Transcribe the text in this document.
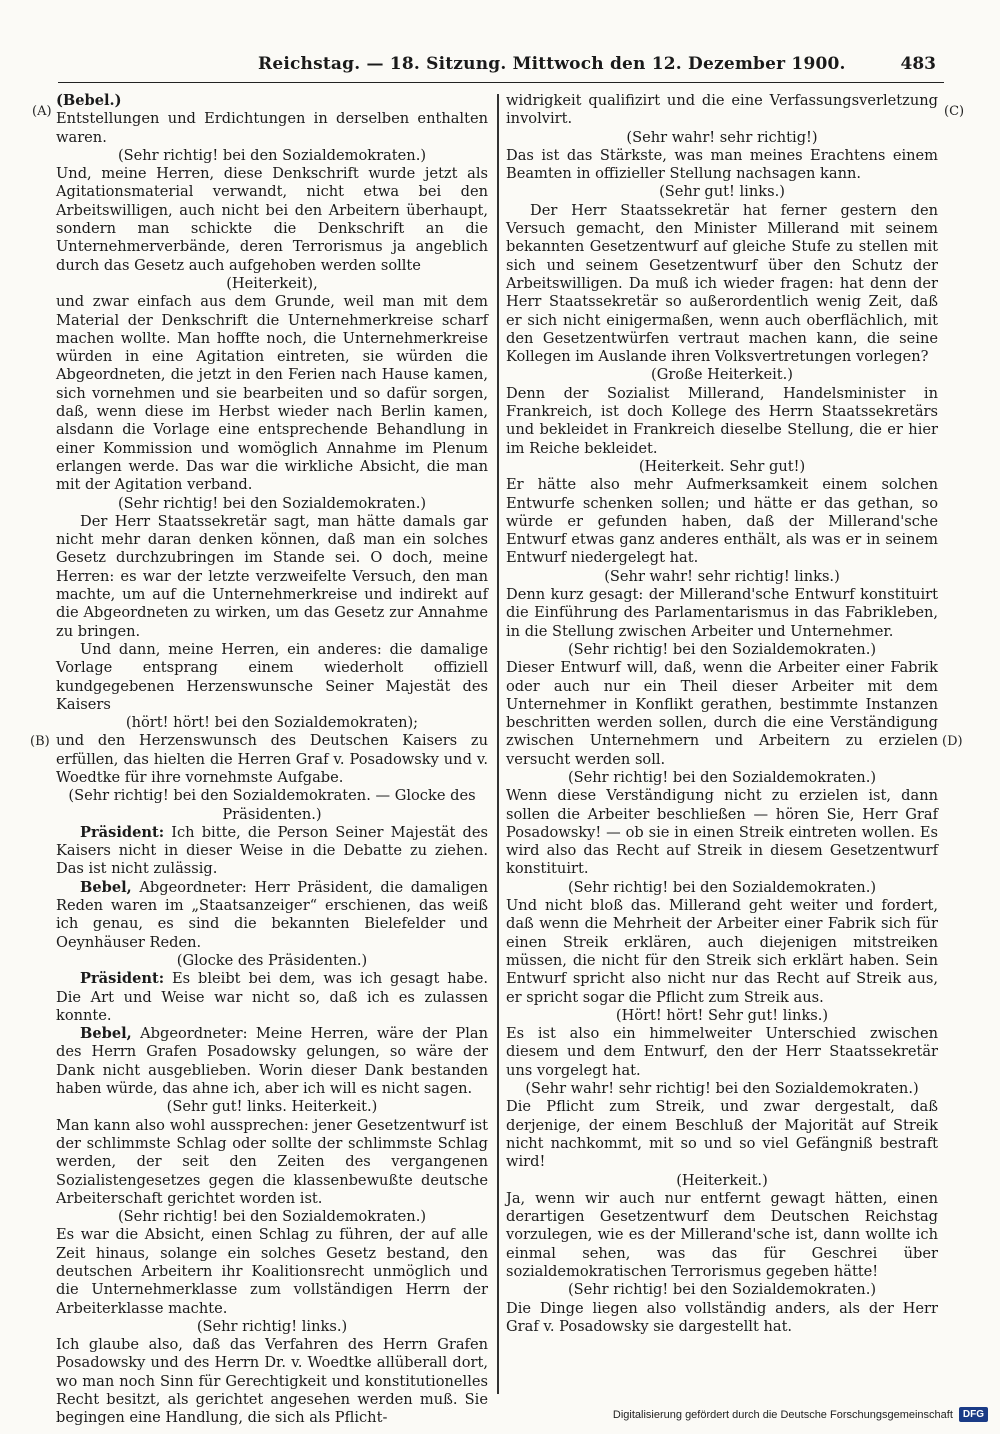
Reichstag. — 18. Sitzung. Mittwoch den 12. Dezember 1900.	483
(A)
(B)
(C)
(D)

(Bebel.)

Entstellungen und Erdichtungen in derselben enthalten waren.

(Sehr richtig! bei den Sozialdemokraten.)

Und, meine Herren, diese Denkschrift wurde jetzt als Agitationsmaterial verwandt, nicht etwa bei den Arbeitswilligen, auch nicht bei den Arbeitern überhaupt, sondern man schickte die Denkschrift an die Unternehmerverbände, deren Terrorismus ja angeblich durch das Gesetz auch aufgehoben werden sollte

(Heiterkeit),

und zwar einfach aus dem Grunde, weil man mit dem Material der Denkschrift die Unternehmerkreise scharf machen wollte. Man hoffte noch, die Unternehmerkreise würden in eine Agitation eintreten, sie würden die Abgeordneten, die jetzt in den Ferien nach Hause kamen, sich vornehmen und sie bearbeiten und so dafür sorgen, daß, wenn diese im Herbst wieder nach Berlin kamen, alsdann die Vorlage eine entsprechende Behandlung in einer Kommission und womöglich Annahme im Plenum erlangen werde. Das war die wirkliche Absicht, die man mit der Agitation verband.

(Sehr richtig! bei den Sozialdemokraten.)

Der Herr Staatssekretär sagt, man hätte damals gar nicht mehr daran denken können, daß man ein solches Gesetz durchzubringen im Stande sei. O doch, meine Herren: es war der letzte verzweifelte Versuch, den man machte, um auf die Unternehmerkreise und indirekt auf die Abgeordneten zu wirken, um das Gesetz zur Annahme zu bringen.

Und dann, meine Herren, ein anderes: die damalige Vorlage entsprang einem wiederholt offiziell kundgegebenen Herzenswunsche Seiner Majestät des Kaisers

(hört! hört! bei den Sozialdemokraten);

und den Herzenswunsch des Deutschen Kaisers zu erfüllen, das hielten die Herren Graf v. Posadowsky und v. Woedtke für ihre vornehmste Aufgabe.

(Sehr richtig! bei den Sozialdemokraten. — Glocke des Präsidenten.)

Präsident: Ich bitte, die Person Seiner Majestät des Kaisers nicht in dieser Weise in die Debatte zu ziehen. Das ist nicht zulässig.

Bebel, Abgeordneter: Herr Präsident, die damaligen Reden waren im „Staatsanzeiger“ erschienen, das weiß ich genau, es sind die bekannten Bielefelder und Oeynhäuser Reden.

(Glocke des Präsidenten.)

Präsident: Es bleibt bei dem, was ich gesagt habe. Die Art und Weise war nicht so, daß ich es zulassen konnte.

Bebel, Abgeordneter: Meine Herren, wäre der Plan des Herrn Grafen Posadowsky gelungen, so wäre der Dank nicht ausgeblieben. Worin dieser Dank bestanden haben würde, das ahne ich, aber ich will es nicht sagen.

(Sehr gut! links. Heiterkeit.)

Man kann also wohl aussprechen: jener Gesetzentwurf ist der schlimmste Schlag oder sollte der schlimmste Schlag werden, der seit den Zeiten des vergangenen Sozialistengesetzes gegen die klassenbewußte deutsche Arbeiterschaft gerichtet worden ist.

(Sehr richtig! bei den Sozialdemokraten.)

Es war die Absicht, einen Schlag zu führen, der auf alle Zeit hinaus, solange ein solches Gesetz bestand, den deutschen Arbeitern ihr Koalitionsrecht unmöglich und die Unternehmerklasse zum vollständigen Herrn der Arbeiterklasse machte.

(Sehr richtig! links.)

Ich glaube also, daß das Verfahren des Herrn Grafen Posadowsky und des Herrn Dr. v. Woedtke allüberall dort, wo man noch Sinn für Gerechtigkeit und konstitutionelles Recht besitzt, als gerichtet angesehen werden muß. Sie begingen eine Handlung, die sich als Pflicht-

widrigkeit qualifizirt und die eine Verfassungsverletzung involvirt.

(Sehr wahr! sehr richtig!)

Das ist das Stärkste, was man meines Erachtens einem Beamten in offizieller Stellung nachsagen kann.

(Sehr gut! links.)

Der Herr Staatssekretär hat ferner gestern den Versuch gemacht, den Minister Millerand mit seinem bekannten Gesetzentwurf auf gleiche Stufe zu stellen mit sich und seinem Gesetzentwurf über den Schutz der Arbeitswilligen. Da muß ich wieder fragen: hat denn der Herr Staatssekretär so außerordentlich wenig Zeit, daß er sich nicht einigermaßen, wenn auch oberflächlich, mit den Gesetzentwürfen vertraut machen kann, die seine Kollegen im Auslande ihren Volksvertretungen vorlegen?

(Große Heiterkeit.)

Denn der Sozialist Millerand, Handelsminister in Frankreich, ist doch Kollege des Herrn Staatssekretärs und bekleidet in Frankreich dieselbe Stellung, die er hier im Reiche bekleidet.

(Heiterkeit. Sehr gut!)

Er hätte also mehr Aufmerksamkeit einem solchen Entwurfe schenken sollen; und hätte er das gethan, so würde er gefunden haben, daß der Millerand'sche Entwurf etwas ganz anderes enthält, als was er in seinem Entwurf niedergelegt hat.

(Sehr wahr! sehr richtig! links.)

Denn kurz gesagt: der Millerand'sche Entwurf konstituirt die Einführung des Parlamentarismus in das Fabrikleben, in die Stellung zwischen Arbeiter und Unternehmer.

(Sehr richtig! bei den Sozialdemokraten.)

Dieser Entwurf will, daß, wenn die Arbeiter einer Fabrik oder auch nur ein Theil dieser Arbeiter mit dem Unternehmer in Konflikt gerathen, bestimmte Instanzen beschritten werden sollen, durch die eine Verständigung zwischen Unternehmern und Arbeitern zu erzielen versucht werden soll.

(Sehr richtig! bei den Sozialdemokraten.)

Wenn diese Verständigung nicht zu erzielen ist, dann sollen die Arbeiter beschließen — hören Sie, Herr Graf Posadowsky! — ob sie in einen Streik eintreten wollen. Es wird also das Recht auf Streik in diesem Gesetzentwurf konstituirt.

(Sehr richtig! bei den Sozialdemokraten.)

Und nicht bloß das. Millerand geht weiter und fordert, daß wenn die Mehrheit der Arbeiter einer Fabrik sich für einen Streik erklären, auch diejenigen mitstreiken müssen, die nicht für den Streik sich erklärt haben. Sein Entwurf spricht also nicht nur das Recht auf Streik aus, er spricht sogar die Pflicht zum Streik aus.

(Hört! hört! Sehr gut! links.)

Es ist also ein himmelweiter Unterschied zwischen diesem und dem Entwurf, den der Herr Staatssekretär uns vorgelegt hat.

(Sehr wahr! sehr richtig! bei den Sozialdemokraten.)

Die Pflicht zum Streik, und zwar dergestalt, daß derjenige, der einem Beschluß der Majorität auf Streik nicht nachkommt, mit so und so viel Gefängniß bestraft wird!

(Heiterkeit.)

Ja, wenn wir auch nur entfernt gewagt hätten, einen derartigen Gesetzentwurf dem Deutschen Reichstag vorzulegen, wie es der Millerand'sche ist, dann wollte ich einmal sehen, was das für Geschrei über sozialdemokratischen Terrorismus gegeben hätte!

(Sehr richtig! bei den Sozialdemokraten.)

Die Dinge liegen also vollständig anders, als der Herr Graf v. Posadowsky sie dargestellt hat.

Digitalisierung gefördert durch die Deutsche Forschungsgemeinschaft	DFG
